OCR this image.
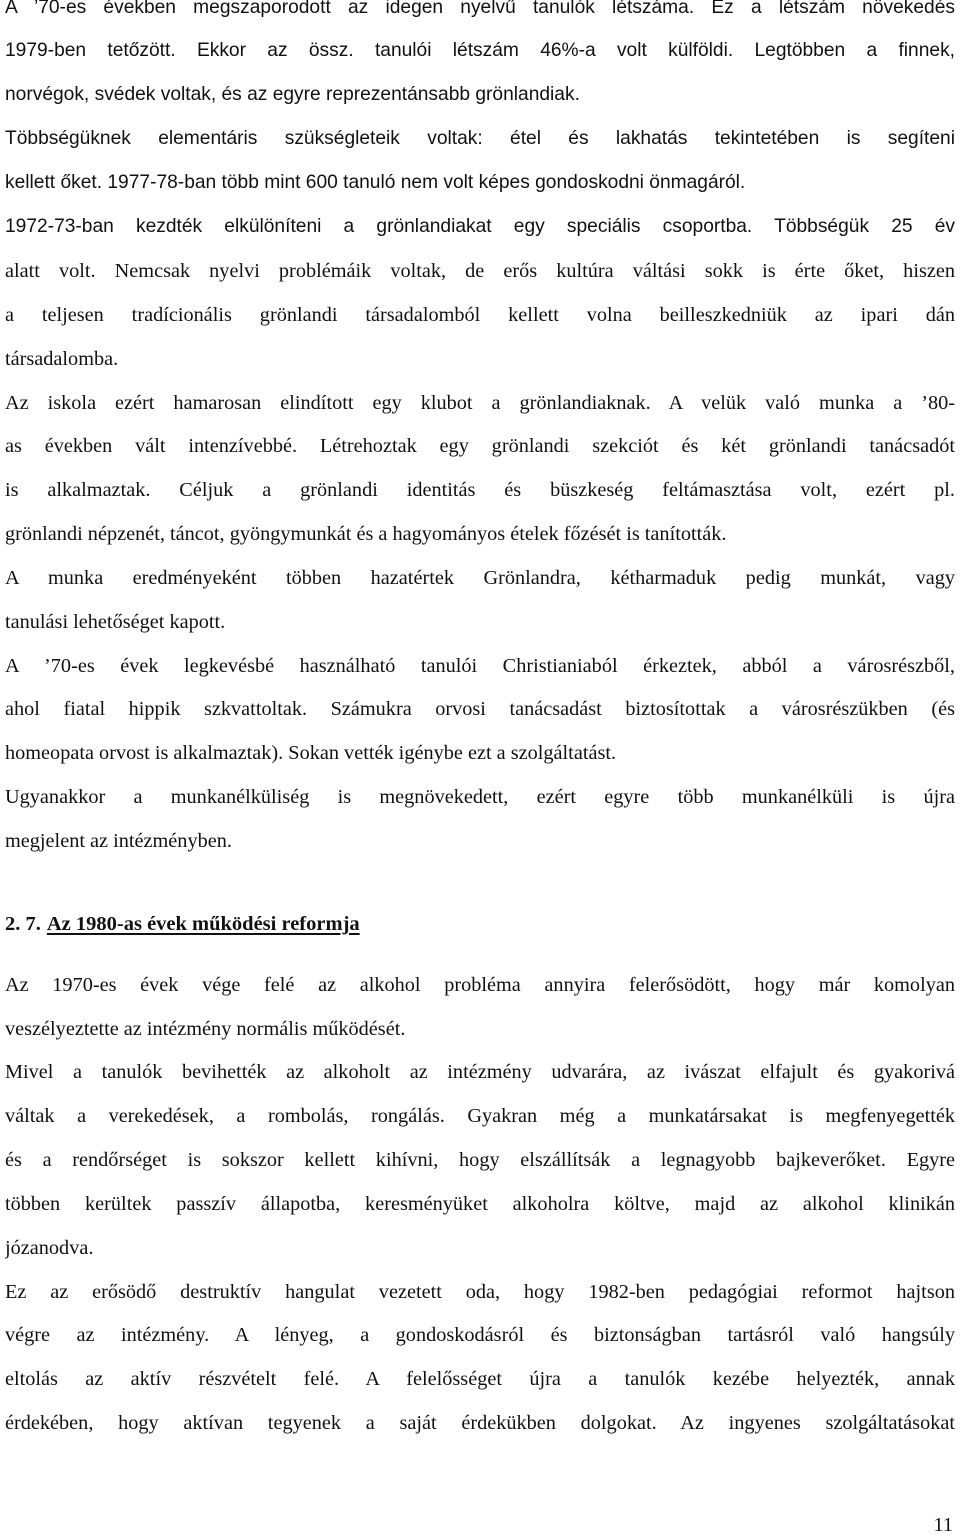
A ’70-es években megszaporodott az idegen nyelvű tanulók létszáma. Ez a létszám növekedés
1979-ben tetőzött. Ekkor az össz. tanulói létszám 46%-a volt külföldi. Legtöbben a finnek,
norvégok, svédek voltak, és az egyre reprezentánsabb grönlandiak.
Többségüknek elementáris szükségleteik voltak: étel és lakhatás tekintetében is segíteni
kellett őket. 1977-78-ban több mint 600 tanuló nem volt képes gondoskodni önmagáról.
1972-73-ban kezdték elkülöníteni a grönlandiakat egy speciális csoportba. Többségük 25 év
alatt volt. Nemcsak nyelvi problémáik voltak, de erős kultúra váltási sokk is érte őket, hiszen
a teljesen tradícionális grönlandi társadalomból kellett volna beilleszkedniük az ipari dán
társadalomba.
Az iskola ezért hamarosan elindított egy klubot a grönlandiaknak. A velük való munka a ’80-
as években vált intenzívebbé. Létrehoztak egy grönlandi szekciót és két grönlandi tanácsadót
is alkalmaztak. Céljuk a grönlandi identitás és büszkeség feltámasztása volt, ezért pl.
grönlandi népzenét, táncot, gyöngymunkát és a hagyományos ételek főzését is tanították.
A munka eredményeként többen hazatértek Grönlandra, kétharmaduk pedig munkát, vagy
tanulási lehetőséget kapott.
A ’70-es évek legkevésbé használható tanulói Christianiaból érkeztek, abból a városrészből,
ahol fiatal hippik szkvattoltak. Számukra orvosi tanácsadást biztosítottak a városrészükben (és
homeopata orvost is alkalmaztak). Sokan vették igénybe ezt a szolgáltatást.
Ugyanakkor a munkanélküliség is megnövekedett, ezért egyre több munkanélküli is újra
megjelent az intézményben.
2. 7. Az 1980-as évek működési reformja
Az 1970-es évek vége felé az alkohol probléma annyira felerősödött, hogy már komolyan
veszélyeztette az intézmény normális működését.
Mivel a tanulók bevihették az alkoholt az intézmény udvarára, az ivászat elfajult és gyakorivá
váltak a verekedések, a rombolás, rongálás. Gyakran még a munkatársakat is megfenyegették
és a rendőrséget is sokszor kellett kihívni, hogy elszállítsák a legnagyobb bajkeverőket. Egyre
többen kerültek passzív állapotba, keresményüket alkoholra költve, majd az alkohol klinikán
józanodva.
Ez az erősödő destruktív hangulat vezetett oda, hogy 1982-ben pedagógiai reformot hajtson
végre az intézmény. A lényeg, a gondoskodásról és biztonságban tartásról való hangsúly
eltolás az aktív részvételt felé. A felelősséget újra a tanulók kezébe helyezték, annak
érdekében, hogy aktívan tegyenek a saját érdekükben dolgokat. Az ingyenes szolgáltatásokat
11
